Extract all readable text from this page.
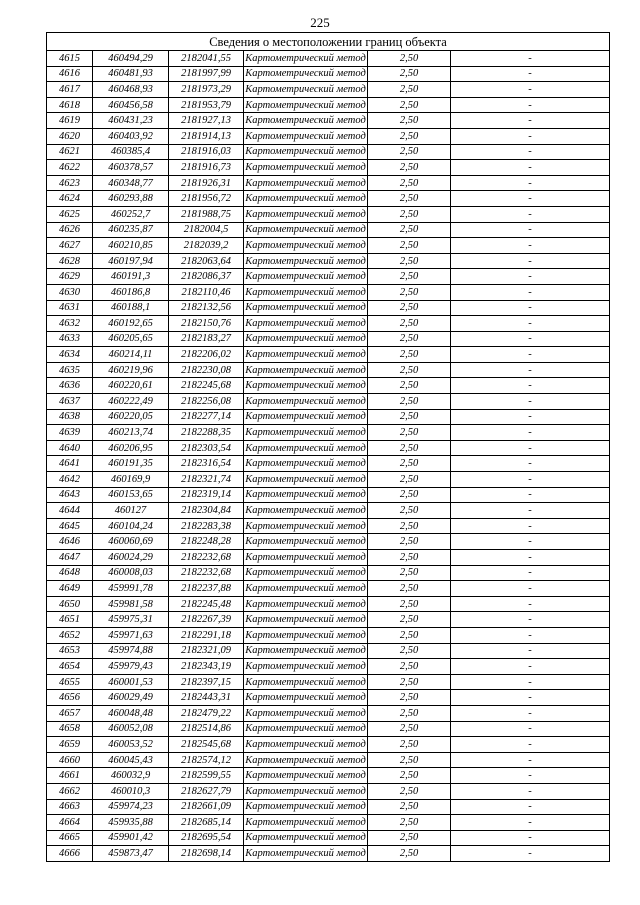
225
Сведения о местоположении границ объекта					
4615	460494,29	2182041,55	Картометрический метод	2,50	-
4616	460481,93	2181997,99	Картометрический метод	2,50	-
4617	460468,93	2181973,29	Картометрический метод	2,50	-
4618	460456,58	2181953,79	Картометрический метод	2,50	-
4619	460431,23	2181927,13	Картометрический метод	2,50	-
4620	460403,92	2181914,13	Картометрический метод	2,50	-
4621	460385,4	2181916,03	Картометрический метод	2,50	-
4622	460378,57	2181916,73	Картометрический метод	2,50	-
4623	460348,77	2181926,31	Картометрический метод	2,50	-
4624	460293,88	2181956,72	Картометрический метод	2,50	-
4625	460252,7	2181988,75	Картометрический метод	2,50	-
4626	460235,87	2182004,5	Картометрический метод	2,50	-
4627	460210,85	2182039,2	Картометрический метод	2,50	-
4628	460197,94	2182063,64	Картометрический метод	2,50	-
4629	460191,3	2182086,37	Картометрический метод	2,50	-
4630	460186,8	2182110,46	Картометрический метод	2,50	-
4631	460188,1	2182132,56	Картометрический метод	2,50	-
4632	460192,65	2182150,76	Картометрический метод	2,50	-
4633	460205,65	2182183,27	Картометрический метод	2,50	-
4634	460214,11	2182206,02	Картометрический метод	2,50	-
4635	460219,96	2182230,08	Картометрический метод	2,50	-
4636	460220,61	2182245,68	Картометрический метод	2,50	-
4637	460222,49	2182256,08	Картометрический метод	2,50	-
4638	460220,05	2182277,14	Картометрический метод	2,50	-
4639	460213,74	2182288,35	Картометрический метод	2,50	-
4640	460206,95	2182303,54	Картометрический метод	2,50	-
4641	460191,35	2182316,54	Картометрический метод	2,50	-
4642	460169,9	2182321,74	Картометрический метод	2,50	-
4643	460153,65	2182319,14	Картометрический метод	2,50	-
4644	460127	2182304,84	Картометрический метод	2,50	-
4645	460104,24	2182283,38	Картометрический метод	2,50	-
4646	460060,69	2182248,28	Картометрический метод	2,50	-
4647	460024,29	2182232,68	Картометрический метод	2,50	-
4648	460008,03	2182232,68	Картометрический метод	2,50	-
4649	459991,78	2182237,88	Картометрический метод	2,50	-
4650	459981,58	2182245,48	Картометрический метод	2,50	-
4651	459975,31	2182267,39	Картометрический метод	2,50	-
4652	459971,63	2182291,18	Картометрический метод	2,50	-
4653	459974,88	2182321,09	Картометрический метод	2,50	-
4654	459979,43	2182343,19	Картометрический метод	2,50	-
4655	460001,53	2182397,15	Картометрический метод	2,50	-
4656	460029,49	2182443,31	Картометрический метод	2,50	-
4657	460048,48	2182479,22	Картометрический метод	2,50	-
4658	460052,08	2182514,86	Картометрический метод	2,50	-
4659	460053,52	2182545,68	Картометрический метод	2,50	-
4660	460045,43	2182574,12	Картометрический метод	2,50	-
4661	460032,9	2182599,55	Картометрический метод	2,50	-
4662	460010,3	2182627,79	Картометрический метод	2,50	-
4663	459974,23	2182661,09	Картометрический метод	2,50	-
4664	459935,88	2182685,14	Картометрический метод	2,50	-
4665	459901,42	2182695,54	Картометрический метод	2,50	-
4666	459873,47	2182698,14	Картометрический метод	2,50	-
